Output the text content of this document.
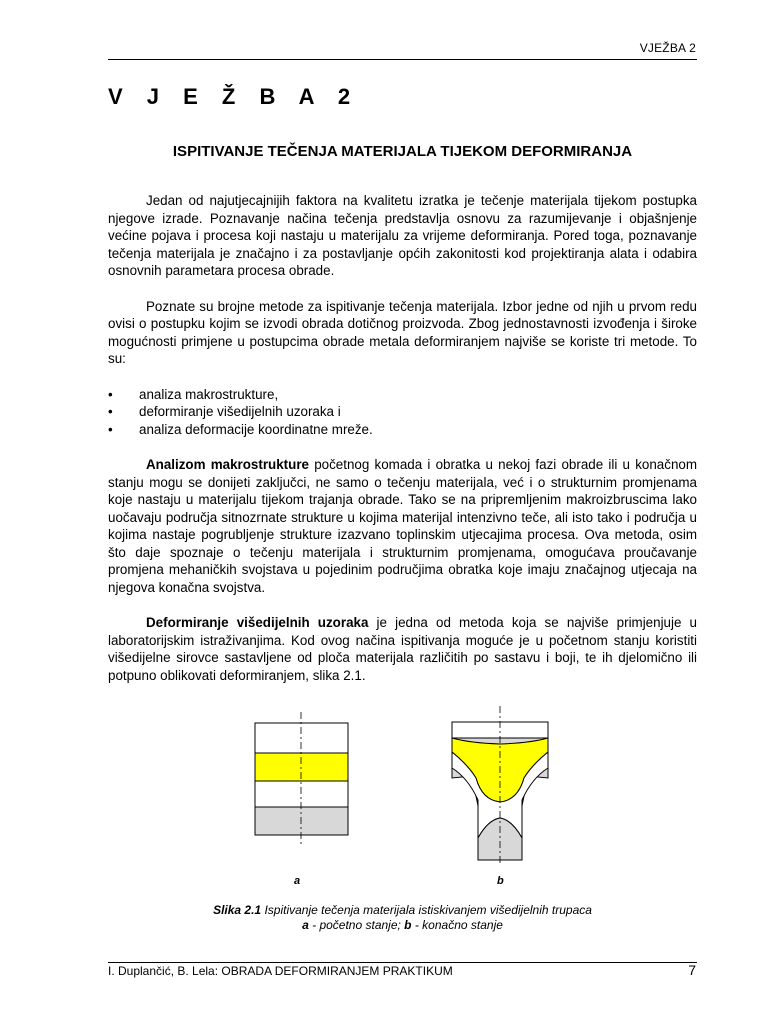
VJEŽBA 2
V J E Ž B A 2
ISPITIVANJE TEČENJA MATERIJALA TIJEKOM DEFORMIRANJA

Jedan od najutjecajnijih faktora na kvalitetu izratka je tečenje materijala tijekom postupka njegove izrade. Poznavanje načina tečenja predstavlja osnovu za razumijevanje i objašnjenje većine pojava i procesa koji nastaju u materijalu za vrijeme deformiranja. Pored toga, poznavanje tečenja materijala je značajno i za postavljanje općih zakonitosti kod projektiranja alata i odabira osnovnih parametara procesa obrade.

Poznate su brojne metode za ispitivanje tečenja materijala. Izbor jedne od njih u prvom redu ovisi o postupku kojim se izvodi obrada dotičnog proizvoda. Zbog jednostavnosti izvođenja i široke mogućnosti primjene u postupcima obrade metala deformiranjem najviše se koriste tri metode. To su:

• analiza makrostrukture,
• deformiranje višedijelnih uzoraka i
• analiza deformacije koordinatne mreže.

Analizom makrostrukture početnog komada i obratka u nekoj fazi obrade ili u konačnom stanju mogu se donijeti zaključci, ne samo o tečenju materijala, već i o strukturnim promjenama koje nastaju u materijalu tijekom trajanja obrade. Tako se na pripremljenim makroizbruscima lako uočavaju područja sitnozrnate strukture u kojima materijal intenzivno teče, ali isto tako i područja u kojima nastaje pogrubljenje strukture izazvano toplinskim utjecajima procesa. Ova metoda, osim što daje spoznaje o tečenju materijala i strukturnim promjenama, omogućava proučavanje promjena mehaničkih svojstava u pojedinim područjima obratka koje imaju značajnog utjecaja na njegova konačna svojstva.

Deformiranje višedijelnih uzoraka je jedna od metoda koja se najviše primjenjuje u laboratorijskim istraživanjima. Kod ovog načina ispitivanja moguće je u početnom stanju koristiti višedijelne sirovce sastavljene od ploča materijala različitih po sastavu i boji, te ih djelomično ili potpuno oblikovati deformiranjem, slika 2.1.

a	b
Slika 2.1 Ispitivanje tečenja materijala istiskivanjem višedijelnih trupaca
a - početno stanje; b - konačno stanje
I. Duplančić, B. Lela: OBRADA DEFORMIRANJEM PRAKTIKUM	7
